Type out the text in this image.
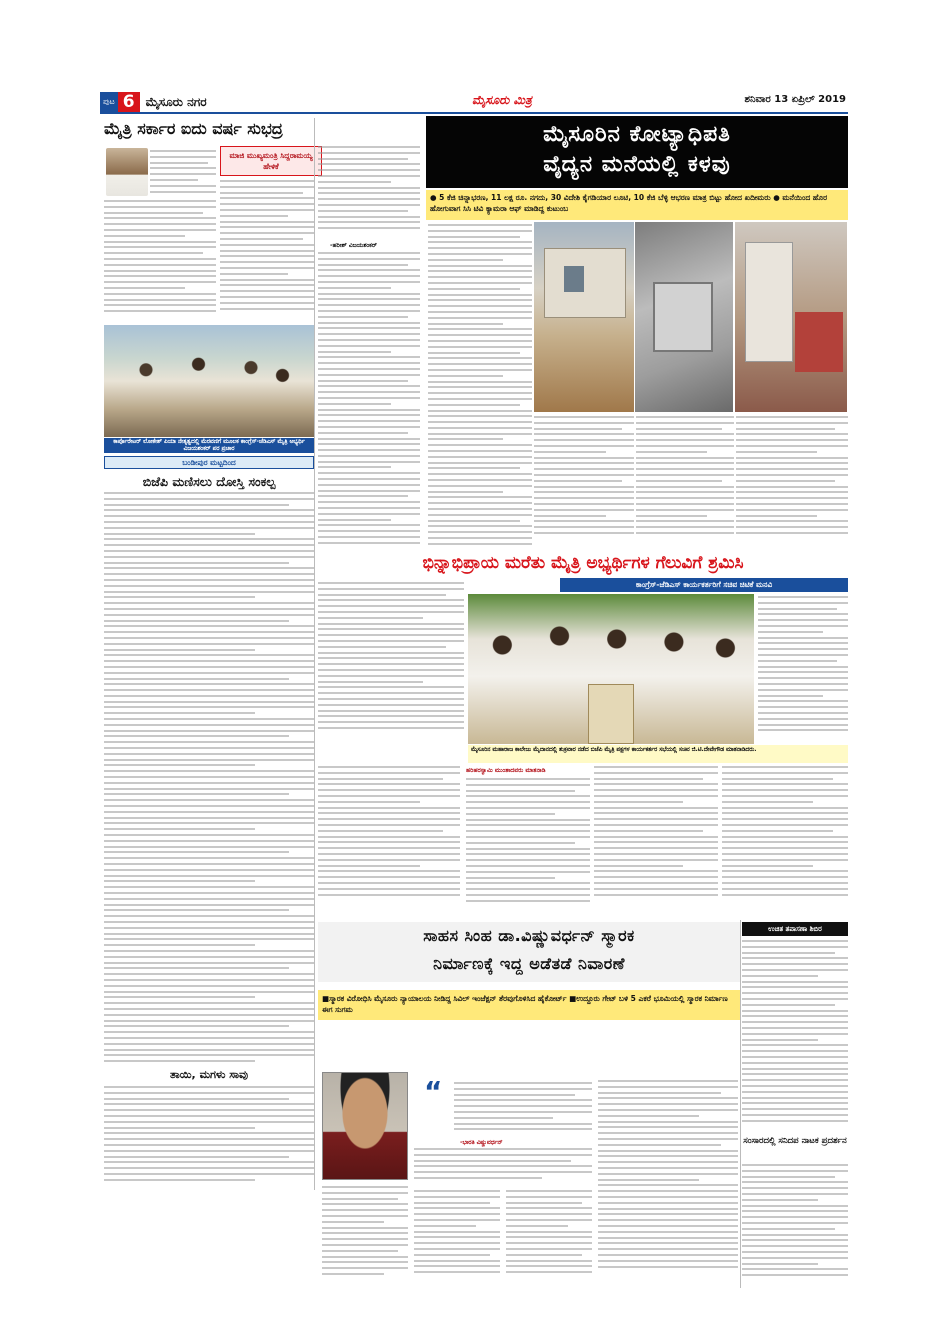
ಪುಟ 6 ಮೈಸೂರು ನಗರ	ಮೈಸೂರು ಮಿತ್ರ	ಶನಿವಾರ 13 ಏಪ್ರಿಲ್ 2019
ಮೈತ್ರಿ ಸರ್ಕಾರ ಐದು ವರ್ಷ ಸುಭದ್ರ
ಮಾಜಿ ಮುಖ್ಯಮಂತ್ರಿ ಸಿದ್ದರಾಮಯ್ಯ ಹೇಳಿಕೆ
ಕಾರ್ಪೊರೇಟರ್ ಲೋಕೇಶ್ ಪಿಯಾ ನೇತೃತ್ವದಲ್ಲಿ ಮೆರವಣಿಗೆ ಮೂಲಕ ಕಾಂಗ್ರೆಸ್-ಜೆಡಿಎಸ್ ಮೈತ್ರಿ ಅಭ್ಯರ್ಥಿ ವಿಜಯಶಂಕರ್ ಪರ ಪ್ರಚಾರ
ಬಂಡೀಪುರ ಮಟ್ಟದಿಂದ
ಬಿಜೆಪಿ ಮಣಿಸಲು ದೋಸ್ತಿ ಸಂಕಲ್ಪ
ತಾಯಿ, ಮಗಳು ಸಾವು
-ಹರೀಶ್ ವಿಜಯಶಂಕರ್
ಮೈಸೂರಿನ ಕೋಟ್ಯಾಧಿಪತಿ
ವೈದ್ಯನ ಮನೆಯಲ್ಲಿ ಕಳವು
● 5 ಕೆಜಿ ಚಿನ್ನಾಭರಣ, 11 ಲಕ್ಷ ರೂ. ನಗದು, 30 ವಿದೇಶಿ ಕೈಗಡಿಯಾರ ಲೂಟಿ, 10 ಕೆಜಿ ಬೆಳ್ಳಿ ಆಭರಣ ಮಾತ್ರ ಬಿಟ್ಟು ಹೋದ ಖದೀಮರು ● ಮನೆಯಿಂದ ಹೊರ ಹೋಗುವಾಗ ಸಿಸಿ ಟಿವಿ ಕ್ಯಾಮರಾ ಆಫ್ ಮಾಡಿದ್ದ ಕುಟುಂಬ
ಭಿನ್ನಾಭಿಪ್ರಾಯ ಮರೆತು ಮೈತ್ರಿ ಅಭ್ಯರ್ಥಿಗಳ ಗೆಲುವಿಗೆ ಶ್ರಮಿಸಿ
ಕಾಂಗ್ರೆಸ್-ಜೆಡಿಎಸ್ ಕಾರ್ಯಕರ್ತರಿಗೆ ಸಚಿವ ಚಿಟಿಕೆ ಮನವಿ
ಮೈಸೂರಿನ ಮಹಾರಾಜ ಕಾಲೇಜು ಮೈದಾನದಲ್ಲಿ ಶುಕ್ರವಾರ ನಡೆದ ಬಿಜೆಪಿ ಮೈತ್ರಿ ಪಕ್ಷಗಳ ಕಾರ್ಯಕರ್ತರ ಸಭೆಯಲ್ಲಿ ಸಚಿವ ಜಿ.ಟಿ.ದೇವೇಗೌಡ ಮಾತನಾಡಿದರು.
ಹರಿಹರಸ್ವಾಮಿ ಮುಂತಾದವರು ಮಾತನಾಡಿ
ಸಾಹಸ ಸಿಂಹ ಡಾ.ವಿಷ್ಣುವರ್ಧನ್ ಸ್ಮಾರಕ
ನಿರ್ಮಾಣಕ್ಕೆ ಇದ್ದ ಅಡೆತಡೆ ನಿವಾರಣೆ
■ಸ್ಮಾರಕ ವಿರೋಧಿಸಿ ಮೈಸೂರು ನ್ಯಾಯಾಲಯ ನೀಡಿದ್ದ ಸಿವಿಲ್ ಇಂಜೆಕ್ಷನ್ ತೆರವುಗೊಳಿಸಿದ ಹೈಕೋರ್ಟ್ ■ಉದ್ದೂರು ಗೇಟ್ ಬಳಿ 5 ಎಕರೆ ಭೂಮಿಯಲ್ಲಿ ಸ್ಮಾರಕ ನಿರ್ಮಾಣ ಈಗ ಸುಗಮ
“
-ಭಾರತಿ ವಿಷ್ಣುವರ್ಧನ್
ಉಚಿತ ತಪಾಸಣಾ ಶಿಬಿರ
ಸಂಸಾರದಲ್ಲಿ ಸನಿದಪ ನಾಟಕ ಪ್ರದರ್ಶನ
